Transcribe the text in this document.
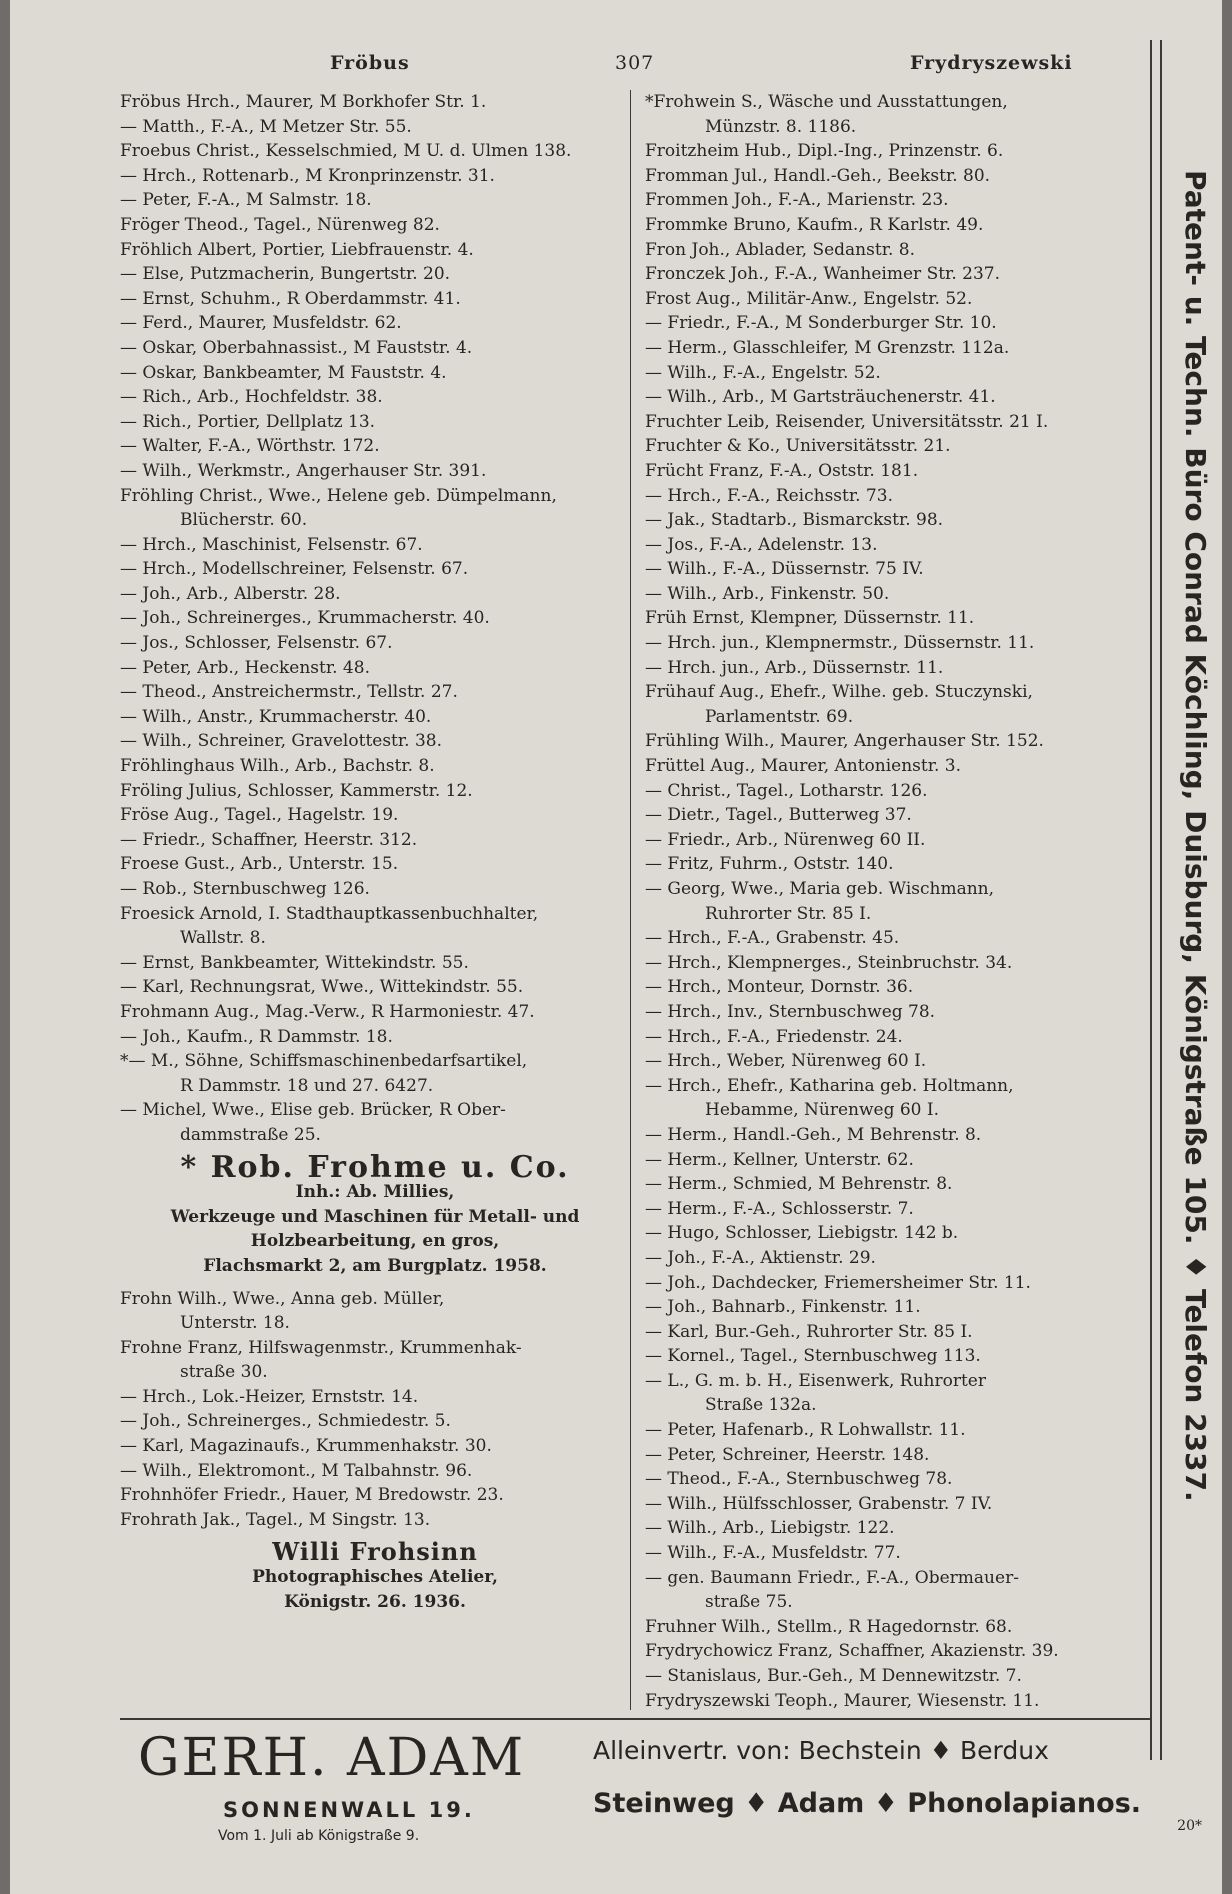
Fröbus	307	Frydryszewski
Fröbus Hrch., Maurer, M Borkhofer Str. 1.
— Matth., F.-A., M Metzer Str. 55.
Froebus Christ., Kesselschmied, M U. d. Ulmen 138.
— Hrch., Rottenarb., M Kronprinzenstr. 31.
— Peter, F.-A., M Salmstr. 18.
Fröger Theod., Tagel., Nürenweg 82.
Fröhlich Albert, Portier, Liebfrauenstr. 4.
— Else, Putzmacherin, Bungertstr. 20.
— Ernst, Schuhm., R Oberdammstr. 41.
— Ferd., Maurer, Musfeldstr. 62.
— Oskar, Oberbahnassist., M Fauststr. 4.
— Oskar, Bankbeamter, M Fauststr. 4.
— Rich., Arb., Hochfeldstr. 38.
— Rich., Portier, Dellplatz 13.
— Walter, F.-A., Wörthstr. 172.
— Wilh., Werkmstr., Angerhauser Str. 391.
Fröhling Christ., Wwe., Helene geb. Dümpelmann,
Blücherstr. 60.
— Hrch., Maschinist, Felsenstr. 67.
— Hrch., Modellschreiner, Felsenstr. 67.
— Joh., Arb., Alberstr. 28.
— Joh., Schreinerges., Krummacherstr. 40.
— Jos., Schlosser, Felsenstr. 67.
— Peter, Arb., Heckenstr. 48.
— Theod., Anstreichermstr., Tellstr. 27.
— Wilh., Anstr., Krummacherstr. 40.
— Wilh., Schreiner, Gravelottestr. 38.
Fröhlinghaus Wilh., Arb., Bachstr. 8.
Fröling Julius, Schlosser, Kammerstr. 12.
Fröse Aug., Tagel., Hagelstr. 19.
— Friedr., Schaffner, Heerstr. 312.
Froese Gust., Arb., Unterstr. 15.
— Rob., Sternbuschweg 126.
Froesick Arnold, I. Stadthauptkassenbuchhalter,
Wallstr. 8.
— Ernst, Bankbeamter, Wittekindstr. 55.
— Karl, Rechnungsrat, Wwe., Wittekindstr. 55.
Frohmann Aug., Mag.-Verw., R Harmoniestr. 47.
— Joh., Kaufm., R Dammstr. 18.
*— M., Söhne, Schiffsmaschinenbedarfsartikel,
R Dammstr. 18 und 27. 6427.
— Michel, Wwe., Elise geb. Brücker, R Ober-
dammstraße 25.
* Rob. Frohme u. Co.
Inh.: Ab. Millies,
Werkzeuge und Maschinen für Metall- und
Holzbearbeitung, en gros,
Flachsmarkt 2, am Burgplatz. 1958.
Frohn Wilh., Wwe., Anna geb. Müller,
Unterstr. 18.
Frohne Franz, Hilfswagenmstr., Krummenhak-
straße 30.
— Hrch., Lok.-Heizer, Ernststr. 14.
— Joh., Schreinerges., Schmiedestr. 5.
— Karl, Magazinaufs., Krummenhakstr. 30.
— Wilh., Elektromont., M Talbahnstr. 96.
Frohnhöfer Friedr., Hauer, M Bredowstr. 23.
Frohrath Jak., Tagel., M Singstr. 13.
Willi Frohsinn
Photographisches Atelier,
Königstr. 26. 1936.
*Frohwein S., Wäsche und Ausstattungen,
Münzstr. 8. 1186.
Froitzheim Hub., Dipl.-Ing., Prinzenstr. 6.
Fromman Jul., Handl.-Geh., Beekstr. 80.
Frommen Joh., F.-A., Marienstr. 23.
Frommke Bruno, Kaufm., R Karlstr. 49.
Fron Joh., Ablader, Sedanstr. 8.
Fronczek Joh., F.-A., Wanheimer Str. 237.
Frost Aug., Militär-Anw., Engelstr. 52.
— Friedr., F.-A., M Sonderburger Str. 10.
— Herm., Glasschleifer, M Grenzstr. 112a.
— Wilh., F.-A., Engelstr. 52.
— Wilh., Arb., M Gartsträuchenerstr. 41.
Fruchter Leib, Reisender, Universitätsstr. 21 I.
Fruchter & Ko., Universitätsstr. 21.
Frücht Franz, F.-A., Oststr. 181.
— Hrch., F.-A., Reichsstr. 73.
— Jak., Stadtarb., Bismarckstr. 98.
— Jos., F.-A., Adelenstr. 13.
— Wilh., F.-A., Düssernstr. 75 IV.
— Wilh., Arb., Finkenstr. 50.
Früh Ernst, Klempner, Düssernstr. 11.
— Hrch. jun., Klempnermstr., Düssernstr. 11.
— Hrch. jun., Arb., Düssernstr. 11.
Frühauf Aug., Ehefr., Wilhe. geb. Stuczynski,
Parlamentstr. 69.
Frühling Wilh., Maurer, Angerhauser Str. 152.
Früttel Aug., Maurer, Antonienstr. 3.
— Christ., Tagel., Lotharstr. 126.
— Dietr., Tagel., Butterweg 37.
— Friedr., Arb., Nürenweg 60 II.
— Fritz, Fuhrm., Oststr. 140.
— Georg, Wwe., Maria geb. Wischmann,
Ruhrorter Str. 85 I.
— Hrch., F.-A., Grabenstr. 45.
— Hrch., Klempnerges., Steinbruchstr. 34.
— Hrch., Monteur, Dornstr. 36.
— Hrch., Inv., Sternbuschweg 78.
— Hrch., F.-A., Friedenstr. 24.
— Hrch., Weber, Nürenweg 60 I.
— Hrch., Ehefr., Katharina geb. Holtmann,
Hebamme, Nürenweg 60 I.
— Herm., Handl.-Geh., M Behrenstr. 8.
— Herm., Kellner, Unterstr. 62.
— Herm., Schmied, M Behrenstr. 8.
— Herm., F.-A., Schlosserstr. 7.
— Hugo, Schlosser, Liebigstr. 142 b.
— Joh., F.-A., Aktienstr. 29.
— Joh., Dachdecker, Friemersheimer Str. 11.
— Joh., Bahnarb., Finkenstr. 11.
— Karl, Bur.-Geh., Ruhrorter Str. 85 I.
— Kornel., Tagel., Sternbuschweg 113.
— L., G. m. b. H., Eisenwerk, Ruhrorter
Straße 132a.
— Peter, Hafenarb., R Lohwallstr. 11.
— Peter, Schreiner, Heerstr. 148.
— Theod., F.-A., Sternbuschweg 78.
— Wilh., Hülfsschlosser, Grabenstr. 7 IV.
— Wilh., Arb., Liebigstr. 122.
— Wilh., F.-A., Musfeldstr. 77.
— gen. Baumann Friedr., F.-A., Obermauer-
straße 75.
Fruhner Wilh., Stellm., R Hagedornstr. 68.
Frydrychowicz Franz, Schaffner, Akazienstr. 39.
— Stanislaus, Bur.-Geh., M Dennewitzstr. 7.
Frydryszewski Teoph., Maurer, Wiesenstr. 11.
Patent- u. Techn. Büro Conrad Köchling, Duisburg, Königstraße 105. ♦ Telefon 2337.
GERH. ADAM
SONNENWALL 19.
Vom 1. Juli ab Königstraße 9.
Alleinvertr. von: Bechstein ♦ Berdux
Steinweg ♦ Adam ♦ Phonolapianos.
20*
